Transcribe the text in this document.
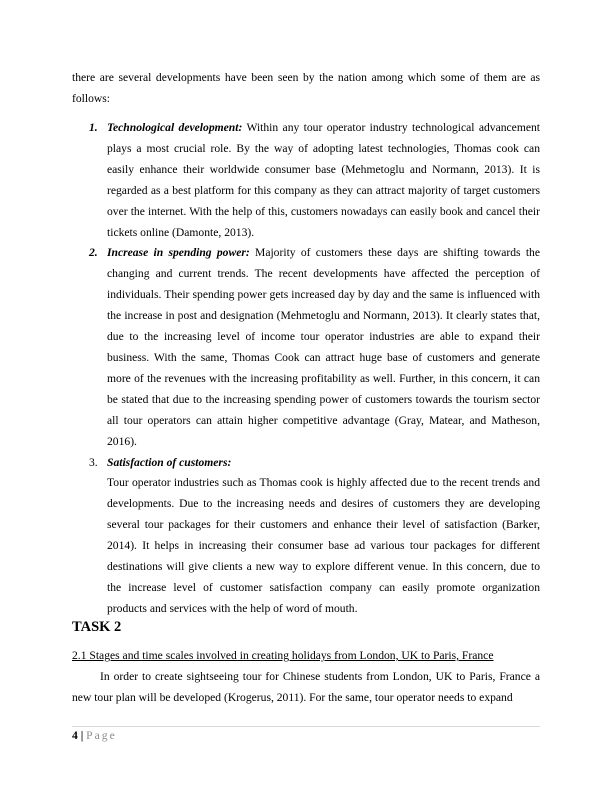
there are several developments have been seen by the nation among which some of them are as follows:
1. Technological development: Within any tour operator industry technological advancement plays a most crucial role. By the way of adopting latest technologies, Thomas cook can easily enhance their worldwide consumer base (Mehmetoglu and Normann, 2013). It is regarded as a best platform for this company as they can attract majority of target customers over the internet. With the help of this, customers nowadays can easily book and cancel their tickets online (Damonte, 2013).
2. Increase in spending power: Majority of customers these days are shifting towards the changing and current trends. The recent developments have affected the perception of individuals. Their spending power gets increased day by day and the same is influenced with the increase in post and designation (Mehmetoglu and Normann, 2013). It clearly states that, due to the increasing level of income tour operator industries are able to expand their business. With the same, Thomas Cook can attract huge base of customers and generate more of the revenues with the increasing profitability as well. Further, in this concern, it can be stated that due to the increasing spending power of customers towards the tourism sector all tour operators can attain higher competitive advantage (Gray, Matear, and Matheson, 2016).
3. Satisfaction of customers:
Tour operator industries such as Thomas cook is highly affected due to the recent trends and developments. Due to the increasing needs and desires of customers they are developing several tour packages for their customers and enhance their level of satisfaction (Barker, 2014). It helps in increasing their consumer base ad various tour packages for different destinations will give clients a new way to explore different venue. In this concern, due to the increase level of customer satisfaction company can easily promote organization products and services with the help of word of mouth.
TASK 2
2.1 Stages and time scales involved in creating holidays from London, UK to Paris, France
In order to create sightseeing tour for Chinese students from London, UK to Paris, France a new tour plan will be developed (Krogerus, 2011). For the same, tour operator needs to expand
4 | Page
